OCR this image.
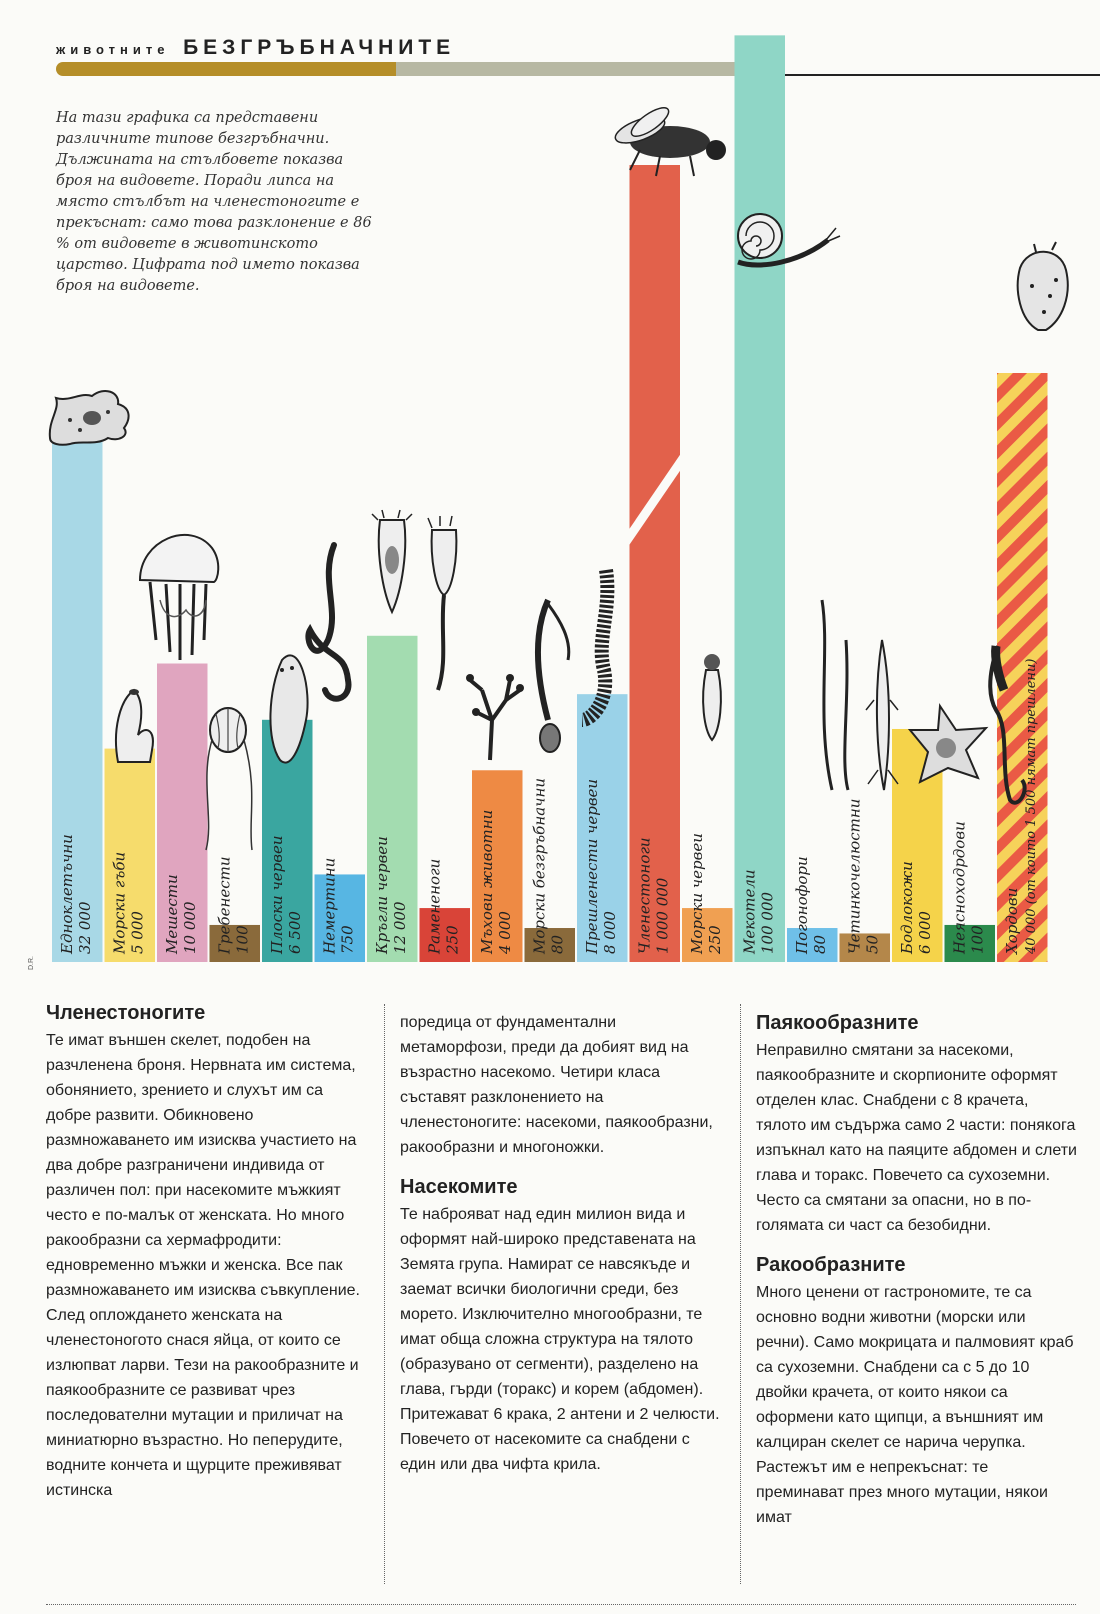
животните БЕЗГРЪБНАЧНИТЕ
На тази графика са представени различните типове безгръбначни. Дължината на стълбовете показва броя на видовете. Поради липса на място стълбът на членестоногите е прекъснат: само това разклонение е 86 % от видовете в животинското царство. Цифрата под името показва броя на видовете.
Едноклетъчни 32 000 Морски гъби 5 000 Мешести 10 000 Гребенести 100 Плоски червеи 6 500 Немертини 750 Кръгли червеи 12 000 Рамененоги 250 Мъхови животни 4 000 Морски безгръбначни 80 Прешленести червеи 8 000 Членестоноги 1 000 000 Морски червеи 250 Мекотели 100 000 Погонофори 80 Четинкочелюстни 50 Бодлокожи 6 000 Неясноходрдови 100 Хордови 40 000 (от които 1 500 нямат прешлени)
D.R.
Членестоногите

Те имат външен скелет, подобен на разчленена броня. Нервната им система, обонянието, зрението и слухът им са добре развити. Обикновено размножаването им изисква участието на два добре разграничени индивида от различен пол: при насекомите мъжкият често е по-малък от женската. Но много ракообразни са хермафродити: едновременно мъжки и женска. Все пак размножаването им изисква съвкупление. След оплождането женската на членестоногото снася яйца, от които се излюпват ларви. Тези на ракообразните и паякообразните се развиват чрез последователни мутации и приличат на миниатюрно възрастно. Но пеперудите, водните кончета и щурците преживяват истинска

поредица от фундаментални метаморфози, преди да добият вид на възрастно насекомо. Четири класа съставят разклонението на членестоногите: насекоми, паякообразни, ракообразни и многоножки.

Насекомите

Те наброяват над един милион вида и оформят най-широко представената на Земята група. Намират се навсякъде и заемат всички биологични среди, без морето. Изключително многообразни, те имат обща сложна структура на тялото (образувано от сегменти), разделено на глава, гърди (торакс) и корем (абдомен). Притежават 6 крака, 2 антени и 2 челюсти. Повечето от насекомите са снабдени с един или два чифта крила.

Паякообразните

Неправилно смятани за насекоми, паякообразните и скорпионите оформят отделен клас. Снабдени с 8 крачета, тялото им съдържа само 2 части: понякога изпъкнал като на паяците абдомен и слети глава и торакс. Повечето са сухоземни. Често са смятани за опасни, но в по-голямата си част са безобидни.

Ракообразните

Много ценени от гастрономите, те са основно водни животни (морски или речни). Само мокрицата и палмовият краб са сухоземни. Снабдени са с 5 до 10 двойки крачета, от които някои са оформени като щипци, а външният им калциран скелет се нарича черупка. Растежът им е непрекъснат: те преминават през много мутации, някои имат
